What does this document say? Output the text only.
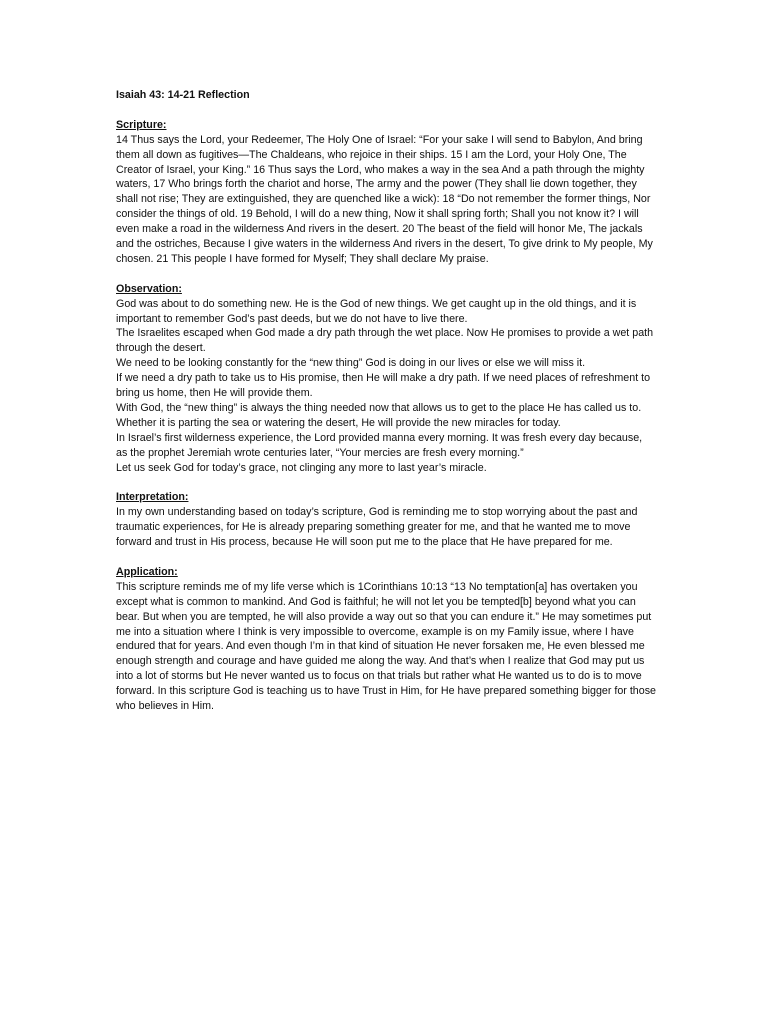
Isaiah 43: 14-21 Reflection

Scripture:

14 Thus says the Lord, your Redeemer, The Holy One of Israel: “For your sake I will send to Babylon, And bring them all down as fugitives—The Chaldeans, who rejoice in their ships. 15 I am the Lord, your Holy One, The Creator of Israel, your King.” 16 Thus says the Lord, who makes a way in the sea And a path through the mighty waters, 17 Who brings forth the chariot and horse, The army and the power (They shall lie down together, they shall not rise; They are extinguished, they are quenched like a wick): 18 “Do not remember the former things, Nor consider the things of old. 19 Behold, I will do a new thing, Now it shall spring forth; Shall you not know it? I will even make a road in the wilderness And rivers in the desert. 20 The beast of the field will honor Me, The jackals and the ostriches, Because I give waters in the wilderness And rivers in the desert, To give drink to My people, My chosen. 21 This people I have formed for Myself; They shall declare My praise.

Observation:

God was about to do something new. He is the God of new things. We get caught up in the old things, and it is important to remember God’s past deeds, but we do not have to live there.

The Israelites escaped when God made a dry path through the wet place. Now He promises to provide a wet path through the desert.

We need to be looking constantly for the “new thing” God is doing in our lives or else we will miss it.

If we need a dry path to take us to His promise, then He will make a dry path. If we need places of refreshment to bring us home, then He will provide them.

With God, the “new thing” is always the thing needed now that allows us to get to the place He has called us to.

Whether it is parting the sea or watering the desert, He will provide the new miracles for today.

In Israel’s first wilderness experience, the Lord provided manna every morning. It was fresh every day because, as the prophet Jeremiah wrote centuries later, “Your mercies are fresh every morning.”

Let us seek God for today’s grace, not clinging any more to last year’s miracle.

Interpretation:

In my own understanding based on today’s scripture, God is reminding me to stop worrying about the past and traumatic experiences, for He is already preparing something greater for me, and that he wanted me to move forward and trust in His process, because He will soon put me to the place that He have prepared for me.

Application:

This scripture reminds me of my life verse which is 1Corinthians 10:13 “13 No temptation[a] has overtaken you except what is common to mankind. And God is faithful; he will not let you be tempted[b] beyond what you can bear. But when you are tempted, he will also provide a way out so that you can endure it.” He may sometimes put me into a situation where I think is very impossible to overcome, example is on my Family issue, where I have endured that for years. And even though I’m in that kind of situation He never forsaken me, He even blessed me enough strength and courage and have guided me along the way. And that’s when I realize that God may put us into a lot of storms but He never wanted us to focus on that trials but rather what He wanted us to do is to move forward. In this scripture God is teaching us to have Trust in Him, for He have prepared something bigger for those who believes in Him.
